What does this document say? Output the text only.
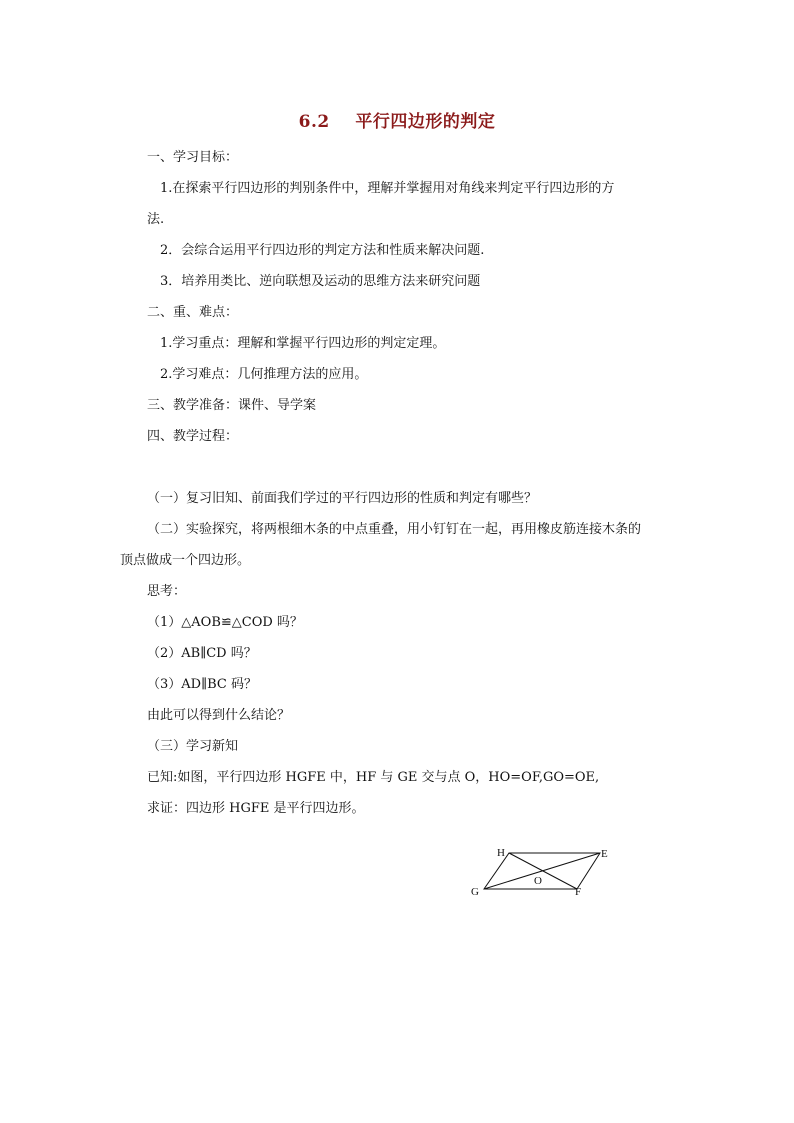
6.2    平行四边形的判定
一、学习目标：
1.在探索平行四边形的判别条件中，理解并掌握用对角线来判定平行四边形的方
法.
2．会综合运用平行四边形的判定方法和性质来解决问题.
3．培养用类比、逆向联想及运动的思维方法来研究问题
二、重、难点：
1.学习重点：理解和掌握平行四边形的判定定理。
2.学习难点：几何推理方法的应用。
三、教学准备：课件、导学案
四、教学过程：
（一）复习旧知、前面我们学过的平行四边形的性质和判定有哪些？
（二）实验探究，将两根细木条的中点重叠，用小钉钉在一起，再用橡皮筋连接木条的
顶点做成一个四边形。
思考：
（1）△AOB≌△COD 吗？
（2）AB∥CD 吗？
（3）AD∥BC 码？
由此可以得到什么结论？
（三）学习新知
已知:如图，平行四边形 HGFE 中，HF 与 GE 交与点 O，HO=OF,GO=OE,
求证：四边形 HGFE 是平行四边形。
H	E
G	F
O
